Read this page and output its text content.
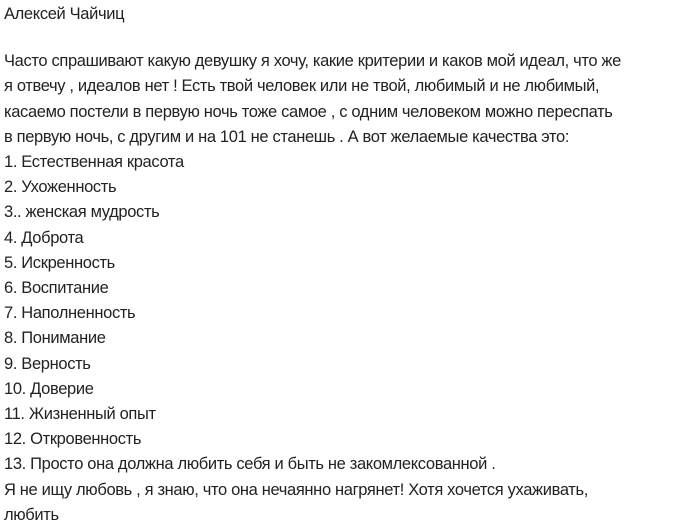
Алексей Чайчиц
Часто спрашивают какую девушку я хочу, какие критерии и каков мой идеал, что же
я отвечу , идеалов нет ! Есть твой человек или не твой, любимый и не любимый,
касаемо постели в первую ночь тоже самое , с одним человеком можно переспать
в первую ночь, с другим и на 101 не станешь . А вот желаемые качества это:
1. Естественная красота
2. Ухоженность
3.. женская мудрость
4. Доброта
5. Искренность
6. Воспитание
7. Наполненность
8. Понимание
9. Верность
10. Доверие
11. Жизненный опыт
12. Откровенность
13. Просто она должна любить себя и быть не закомлексованной .
Я не ищу любовь , я знаю, что она нечаянно нагрянет! Хотя хочется ухаживать,
любить
